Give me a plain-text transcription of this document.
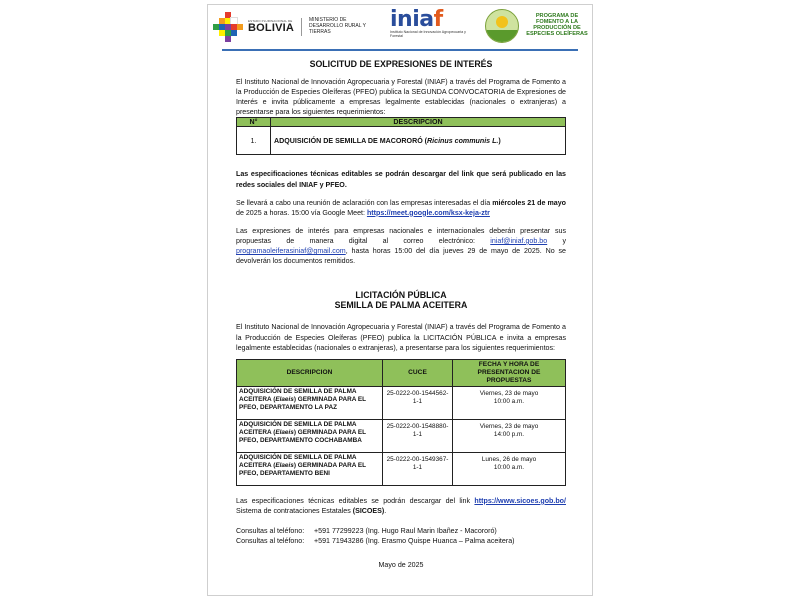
ESTADO PLURINACIONAL DE
BOLIVIA
MINISTERIO DE DESARROLLO RURAL Y TIERRAS	iniaf
Instituto Nacional de Innovación Agropecuaria y Forestal
PROGRAMA DE FOMENTO A LA PRODUCCIÓN DE ESPECIES OLEÍFERAS
SOLICITUD DE EXPRESIONES DE INTERÉS
El Instituto Nacional de Innovación Agropecuaria y Forestal (INIAF) a través del Programa de Fomento a la Producción de Especies Oleíferas (PFEO) publica la SEGUNDA CONVOCATORIA de Expresiones de Interés e invita públicamente a empresas legalmente establecidas (nacionales o extranjeras) a presentarse para los siguientes requerimientos:
N°	DESCRIPCION
1.	ADQUISICIÓN DE SEMILLA DE MACORORÓ (Ricinus communis L.)
Las especificaciones técnicas editables se podrán descargar del link que será publicado en las redes sociales del INIAF y PFEO.
Se llevará a cabo una reunión de aclaración con las empresas interesadas el día miércoles 21 de mayo de 2025 a horas. 15:00 vía Google Meet: https://meet.google.com/ksx-keja-ztr
Las expresiones de interés para empresas nacionales e internacionales deberán presentar sus propuestas de manera digital al correo electrónico: iniaf@iniaf.gob.bo y programaoleiferasiniaf@gmail.com, hasta horas 15:00 del día jueves 29 de mayo de 2025. No se devolverán los documentos remitidos.
LICITACIÓN PÚBLICA
SEMILLA DE PALMA ACEITERA
El Instituto Nacional de Innovación Agropecuaria y Forestal (INIAF) a través del Programa de Fomento a la Producción de Especies Oleíferas (PFEO) publica la LICITACIÓN PÚBLICA e invita a empresas legalmente establecidas (nacionales o extranjeras), a presentarse para los siguientes requerimientos:
DESCRIPCION	CUCE	FECHA Y HORA DE PRESENTACION DE PROPUESTAS
ADQUISICIÓN DE SEMILLA DE PALMA ACEITERA (Elaeis) GERMINADA PARA EL PFEO, DEPARTAMENTO LA PAZ	25-0222-00-1544562-1-1	Viernes, 23 de mayo
10:00 a.m.

ADQUISICIÓN DE SEMILLA DE PALMA ACEITERA (Elaeis) GERMINADA PARA EL PFEO, DEPARTAMENTO COCHABAMBA	25-0222-00-1548880-1-1	Viernes, 23 de mayo
14:00 p.m.

ADQUISICIÓN DE SEMILLA DE PALMA ACEITERA (Elaeis) GERMINADA PARA EL PFEO, DEPARTAMENTO BENI	25-0222-00-1549367-1-1	Lunes, 26 de mayo
10:00 a.m.
Las especificaciones técnicas editables se podrán descargar del link https://www.sicoes.gob.bo/ Sistema de contrataciones Estatales (SICOES).
Consultas al teléfono:	+591 77299223 (Ing. Hugo Raul Marin Ibañez - Macororó)
Consultas al teléfono:	+591 71943286 (Ing. Erasmo Quispe Huanca – Palma aceitera)
Mayo de 2025
